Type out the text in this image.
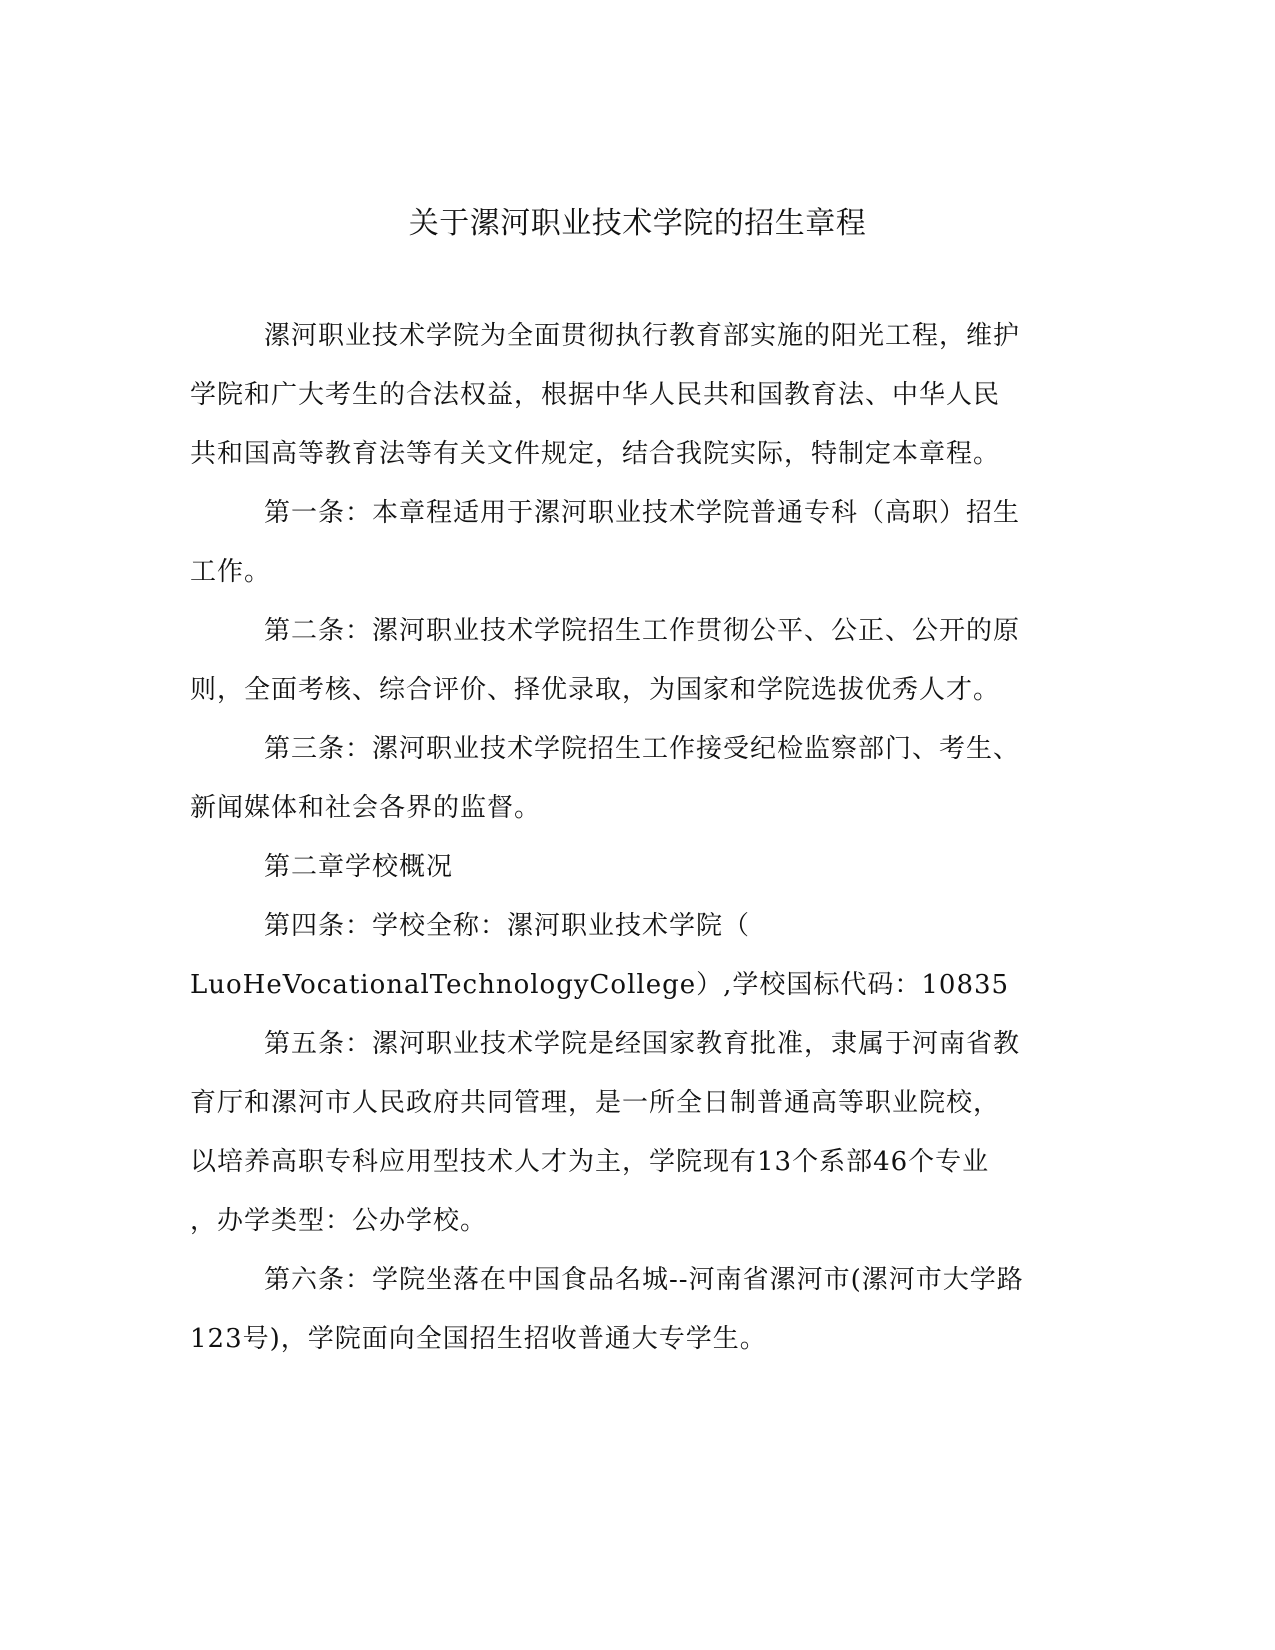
关于漯河职业技术学院的招生章程

漯河职业技术学院为全面贯彻执行教育部实施的阳光工程，维护

学院和广大考生的合法权益，根据中华人民共和国教育法、中华人民

共和国高等教育法等有关文件规定，结合我院实际，特制定本章程。

第一条：本章程适用于漯河职业技术学院普通专科（高职）招生

工作。

第二条：漯河职业技术学院招生工作贯彻公平、公正、公开的原

则，全面考核、综合评价、择优录取，为国家和学院选拔优秀人才。

第三条：漯河职业技术学院招生工作接受纪检监察部门、考生、

新闻媒体和社会各界的监督。

第二章学校概况

第四条：学校全称：漯河职业技术学院（

LuoHeVocationalTechnologyCollege）,学校国标代码：10835

第五条：漯河职业技术学院是经国家教育批准，隶属于河南省教

育厅和漯河市人民政府共同管理，是一所全日制普通高等职业院校，

以培养高职专科应用型技术人才为主，学院现有13个系部46个专业

，办学类型：公办学校。

第六条：学院坐落在中国食品名城--河南省漯河市(漯河市大学路

123号)，学院面向全国招生招收普通大专学生。
